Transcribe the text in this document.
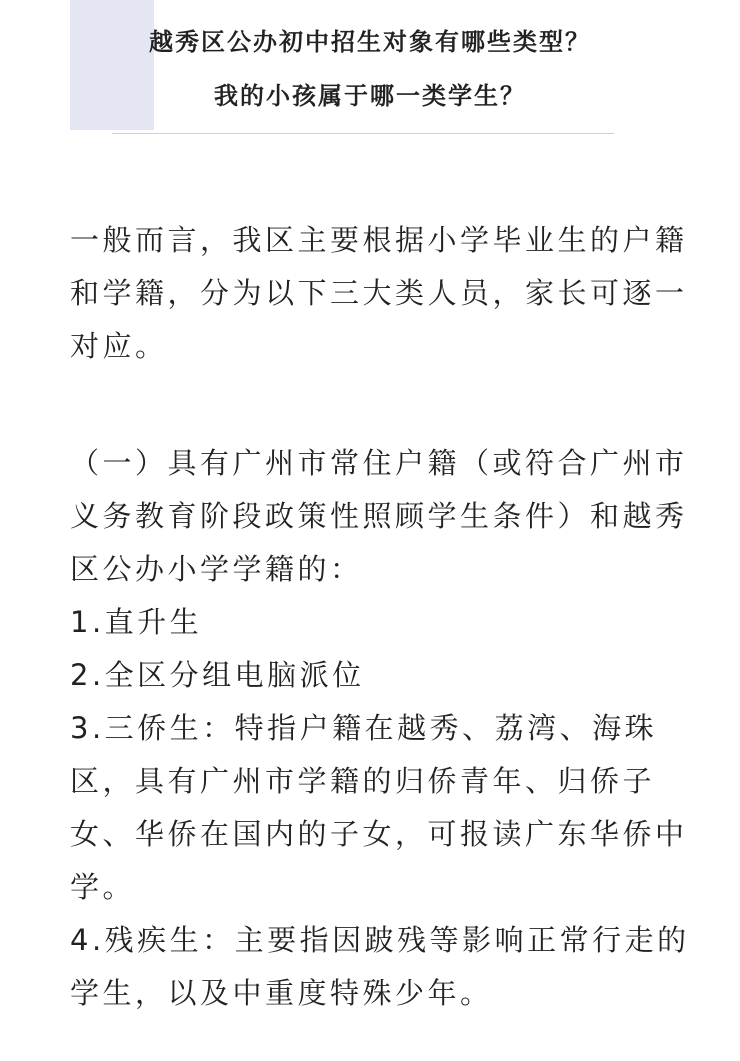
越秀区公办初中招生对象有哪些类型？
我的小孩属于哪一类学生？
一般而言，我区主要根据小学毕业生的户籍
和学籍，分为以下三大类人员，家长可逐一
对应。
（一）具有广州市常住户籍（或符合广州市
义务教育阶段政策性照顾学生条件）和越秀
区公办小学学籍的：
1.直升生
2.全区分组电脑派位
3.三侨生：特指户籍在越秀、荔湾、海珠
区，具有广州市学籍的归侨青年、归侨子
女、华侨在国内的子女，可报读广东华侨中
学。
4.残疾生：主要指因跛残等影响正常行走的
学生，以及中重度特殊少年。
